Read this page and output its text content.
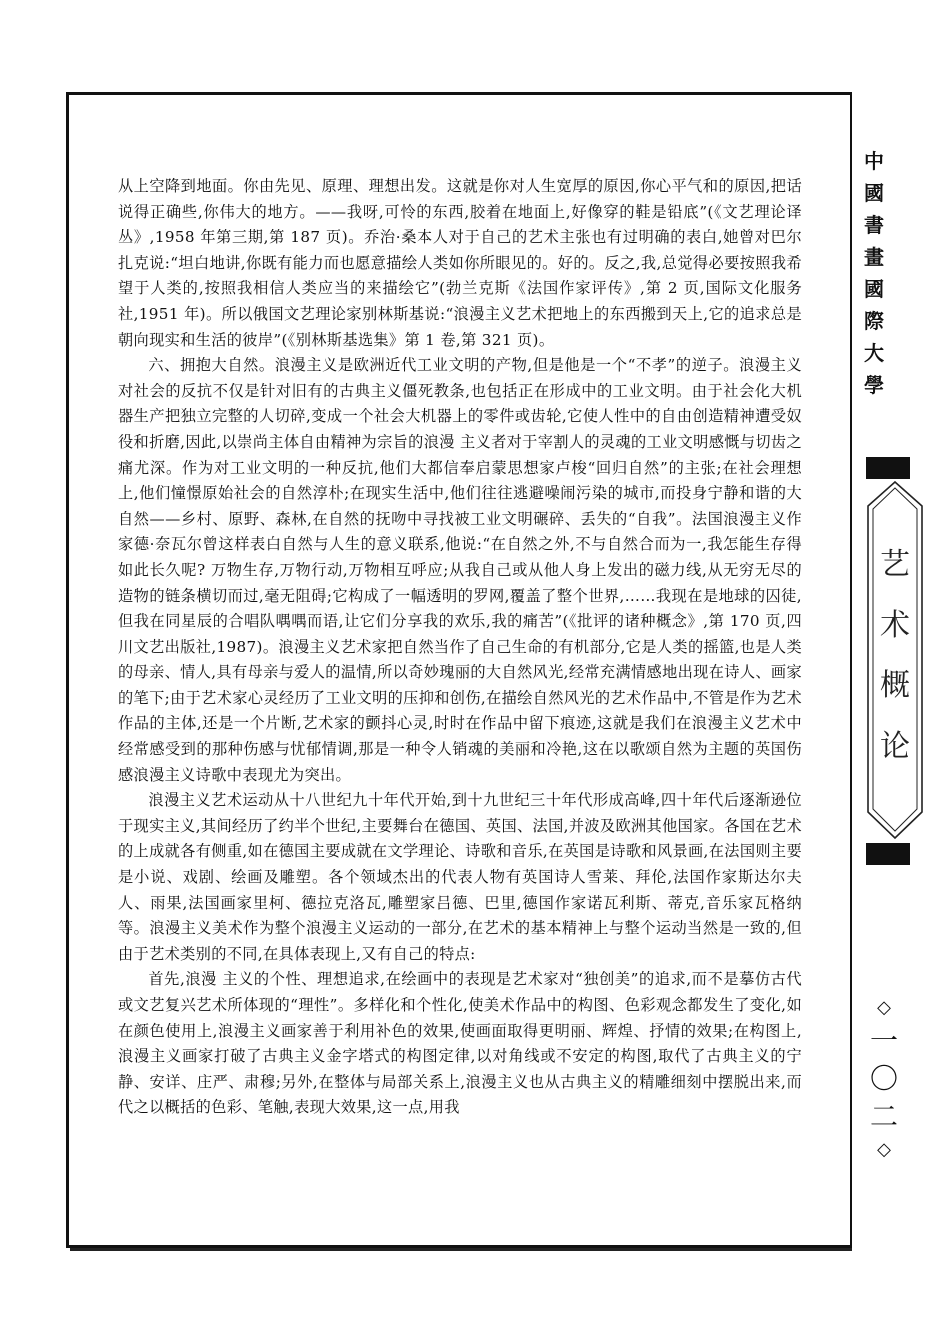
从上空降到地面。你由先见、原理、理想出发。这就是你对人生宽厚的原因,你心平气和的原因,把话说得正确些,你伟大的地方。——我呀,可怜的东西,胶着在地面上,好像穿的鞋是铅底”(《文艺理论译丛》,1958 年第三期,第 187 页)。乔治·桑本人对于自己的艺术主张也有过明确的表白,她曾对巴尔扎克说:“坦白地讲,你既有能力而也愿意描绘人类如你所眼见的。好的。反之,我,总觉得必要按照我希望于人类的,按照我相信人类应当的来描绘它”(勃兰克斯《法国作家评传》,第 2 页,国际文化服务社,1951 年)。所以俄国文艺理论家别林斯基说:“浪漫主义艺术把地上的东西搬到天上,它的追求总是朝向现实和生活的彼岸”(《别林斯基选集》第 1 卷,第 321 页)。

六、拥抱大自然。浪漫主义是欧洲近代工业文明的产物,但是他是一个“不孝”的逆子。浪漫主义对社会的反抗不仅是针对旧有的古典主义僵死教条,也包括正在形成中的工业文明。由于社会化大机器生产把独立完整的人切碎,变成一个社会大机器上的零件或齿轮,它使人性中的自由创造精神遭受奴役和折磨,因此,以崇尚主体自由精神为宗旨的浪漫 主义者对于宰割人的灵魂的工业文明感慨与切齿之痛尤深。作为对工业文明的一种反抗,他们大都信奉启蒙思想家卢梭“回归自然”的主张;在社会理想上,他们憧憬原始社会的自然淳朴;在现实生活中,他们往往逃避噪闹污染的城市,而投身宁静和谐的大自然——乡村、原野、森林,在自然的抚吻中寻找被工业文明碾碎、丢失的“自我”。法国浪漫主义作家德·奈瓦尔曾这样表白自然与人生的意义联系,他说:“在自然之外,不与自然合而为一,我怎能生存得如此长久呢? 万物生存,万物行动,万物相互呼应;从我自己或从他人身上发出的磁力线,从无穷无尽的造物的链条横切而过,毫无阻碍;它构成了一幅透明的罗网,覆盖了整个世界,……我现在是地球的囚徒,但我在同星辰的合唱队喁喁而语,让它们分享我的欢乐,我的痛苦”(《批评的诸种概念》,第 170 页,四川文艺出版社,1987)。浪漫主义艺术家把自然当作了自己生命的有机部分,它是人类的摇篮,也是人类的母亲、情人,具有母亲与爱人的温情,所以奇妙瑰丽的大自然风光,经常充满情感地出现在诗人、画家的笔下;由于艺术家心灵经历了工业文明的压抑和创伤,在描绘自然风光的艺术作品中,不管是作为艺术作品的主体,还是一个片断,艺术家的颤抖心灵,时时在作品中留下痕迹,这就是我们在浪漫主义艺术中经常感受到的那种伤感与忧郁情调,那是一种令人销魂的美丽和冷艳,这在以歌颂自然为主题的英国伤感浪漫主义诗歌中表现尤为突出。

浪漫主义艺术运动从十八世纪九十年代开始,到十九世纪三十年代形成高峰,四十年代后逐渐逊位于现实主义,其间经历了约半个世纪,主要舞台在德国、英国、法国,并波及欧洲其他国家。各国在艺术的上成就各有侧重,如在德国主要成就在文学理论、诗歌和音乐,在英国是诗歌和风景画,在法国则主要是小说、戏剧、绘画及雕塑。各个领域杰出的代表人物有英国诗人雪莱、拜伦,法国作家斯达尔夫人、雨果,法国画家里柯、德拉克洛瓦,雕塑家吕德、巴里,德国作家诺瓦利斯、蒂克,音乐家瓦格纳等。浪漫主义美术作为整个浪漫主义运动的一部分,在艺术的基本精神上与整个运动当然是一致的,但由于艺术类别的不同,在具体表现上,又有自己的特点:

首先,浪漫 主义的个性、理想追求,在绘画中的表现是艺术家对“独创美”的追求,而不是摹仿古代或文艺复兴艺术所体现的“理性”。多样化和个性化,使美术作品中的构图、色彩观念都发生了变化,如在颜色使用上,浪漫主义画家善于利用补色的效果,使画面取得更明丽、辉煌、抒情的效果;在构图上,浪漫主义画家打破了古典主义金字塔式的构图定律,以对角线或不安定的构图,取代了古典主义的宁静、安详、庄严、肃穆;另外,在整体与局部关系上,浪漫主义也从古典主义的精雕细刻中摆脱出来,而代之以概括的色彩、笔触,表现大效果,这一点,用我

中
國
書
畫
國
際
大
學
艺
术
概
论
◇
一
〇
二
◇
